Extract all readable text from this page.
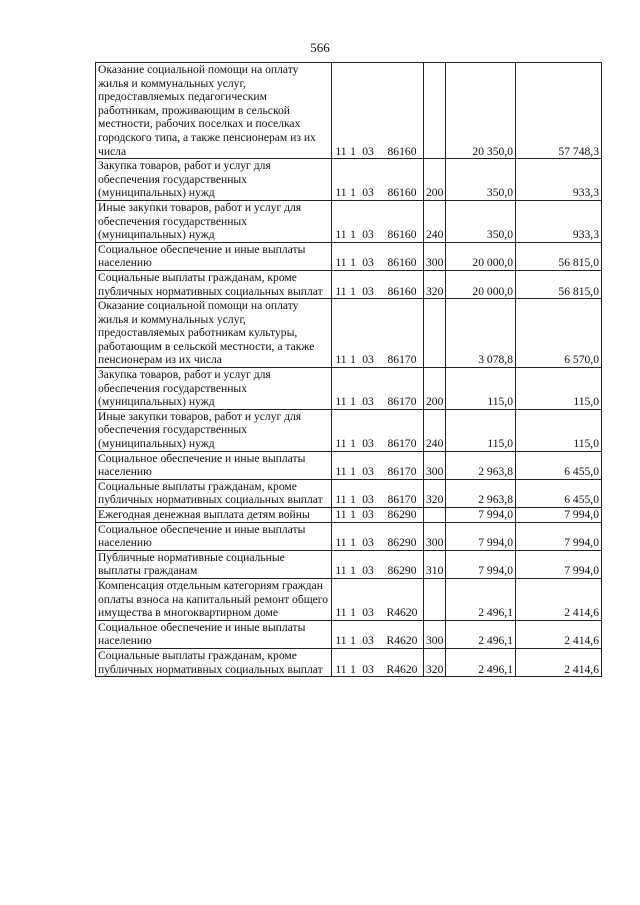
566
Оказание социальной помощи на оплату жилья и коммунальных услуг, предоставляемых педагогическим работникам, проживающим в сельской местности, рабочих поселках и поселках городского типа, а также пенсионерам из их числа	11 1 03 86160		20 350,0	57 748,3
Закупка товаров, работ и услуг для обеспечения государственных (муниципальных) нужд	11 1 03 86160	200	350,0	933,3
Иные закупки товаров, работ и услуг для обеспечения государственных (муниципальных) нужд	11 1 03 86160	240	350,0	933,3
Социальное обеспечение и иные выплаты населению	11 1 03 86160	300	20 000,0	56 815,0
Социальные выплаты гражданам, кроме публичных нормативных социальных выплат	11 1 03 86160	320	20 000,0	56 815,0
Оказание социальной помощи на оплату жилья и коммунальных услуг, предоставляемых работникам культуры, работающим в сельской местности, а также пенсионерам из их числа	11 1 03 86170		3 078,8	6 570,0
Закупка товаров, работ и услуг для обеспечения государственных (муниципальных) нужд	11 1 03 86170	200	115,0	115,0
Иные закупки товаров, работ и услуг для обеспечения государственных (муниципальных) нужд	11 1 03 86170	240	115,0	115,0
Социальное обеспечение и иные выплаты населению	11 1 03 86170	300	2 963,8	6 455,0
Социальные выплаты гражданам, кроме публичных нормативных социальных выплат	11 1 03 86170	320	2 963,8	6 455,0
Ежегодная денежная выплата детям войны	11 1 03 86290		7 994,0	7 994,0
Социальное обеспечение и иные выплаты населению	11 1 03 86290	300	7 994,0	7 994,0
Публичные нормативные социальные выплаты гражданам	11 1 03 86290	310	7 994,0	7 994,0
Компенсация отдельным категориям граждан оплаты взноса на капитальный ремонт общего имущества в многоквартирном доме	11 1 03 R4620		2 496,1	2 414,6
Социальное обеспечение и иные выплаты населению	11 1 03 R4620	300	2 496,1	2 414,6
Социальные выплаты гражданам, кроме публичных нормативных социальных выплат	11 1 03 R4620	320	2 496,1	2 414,6
